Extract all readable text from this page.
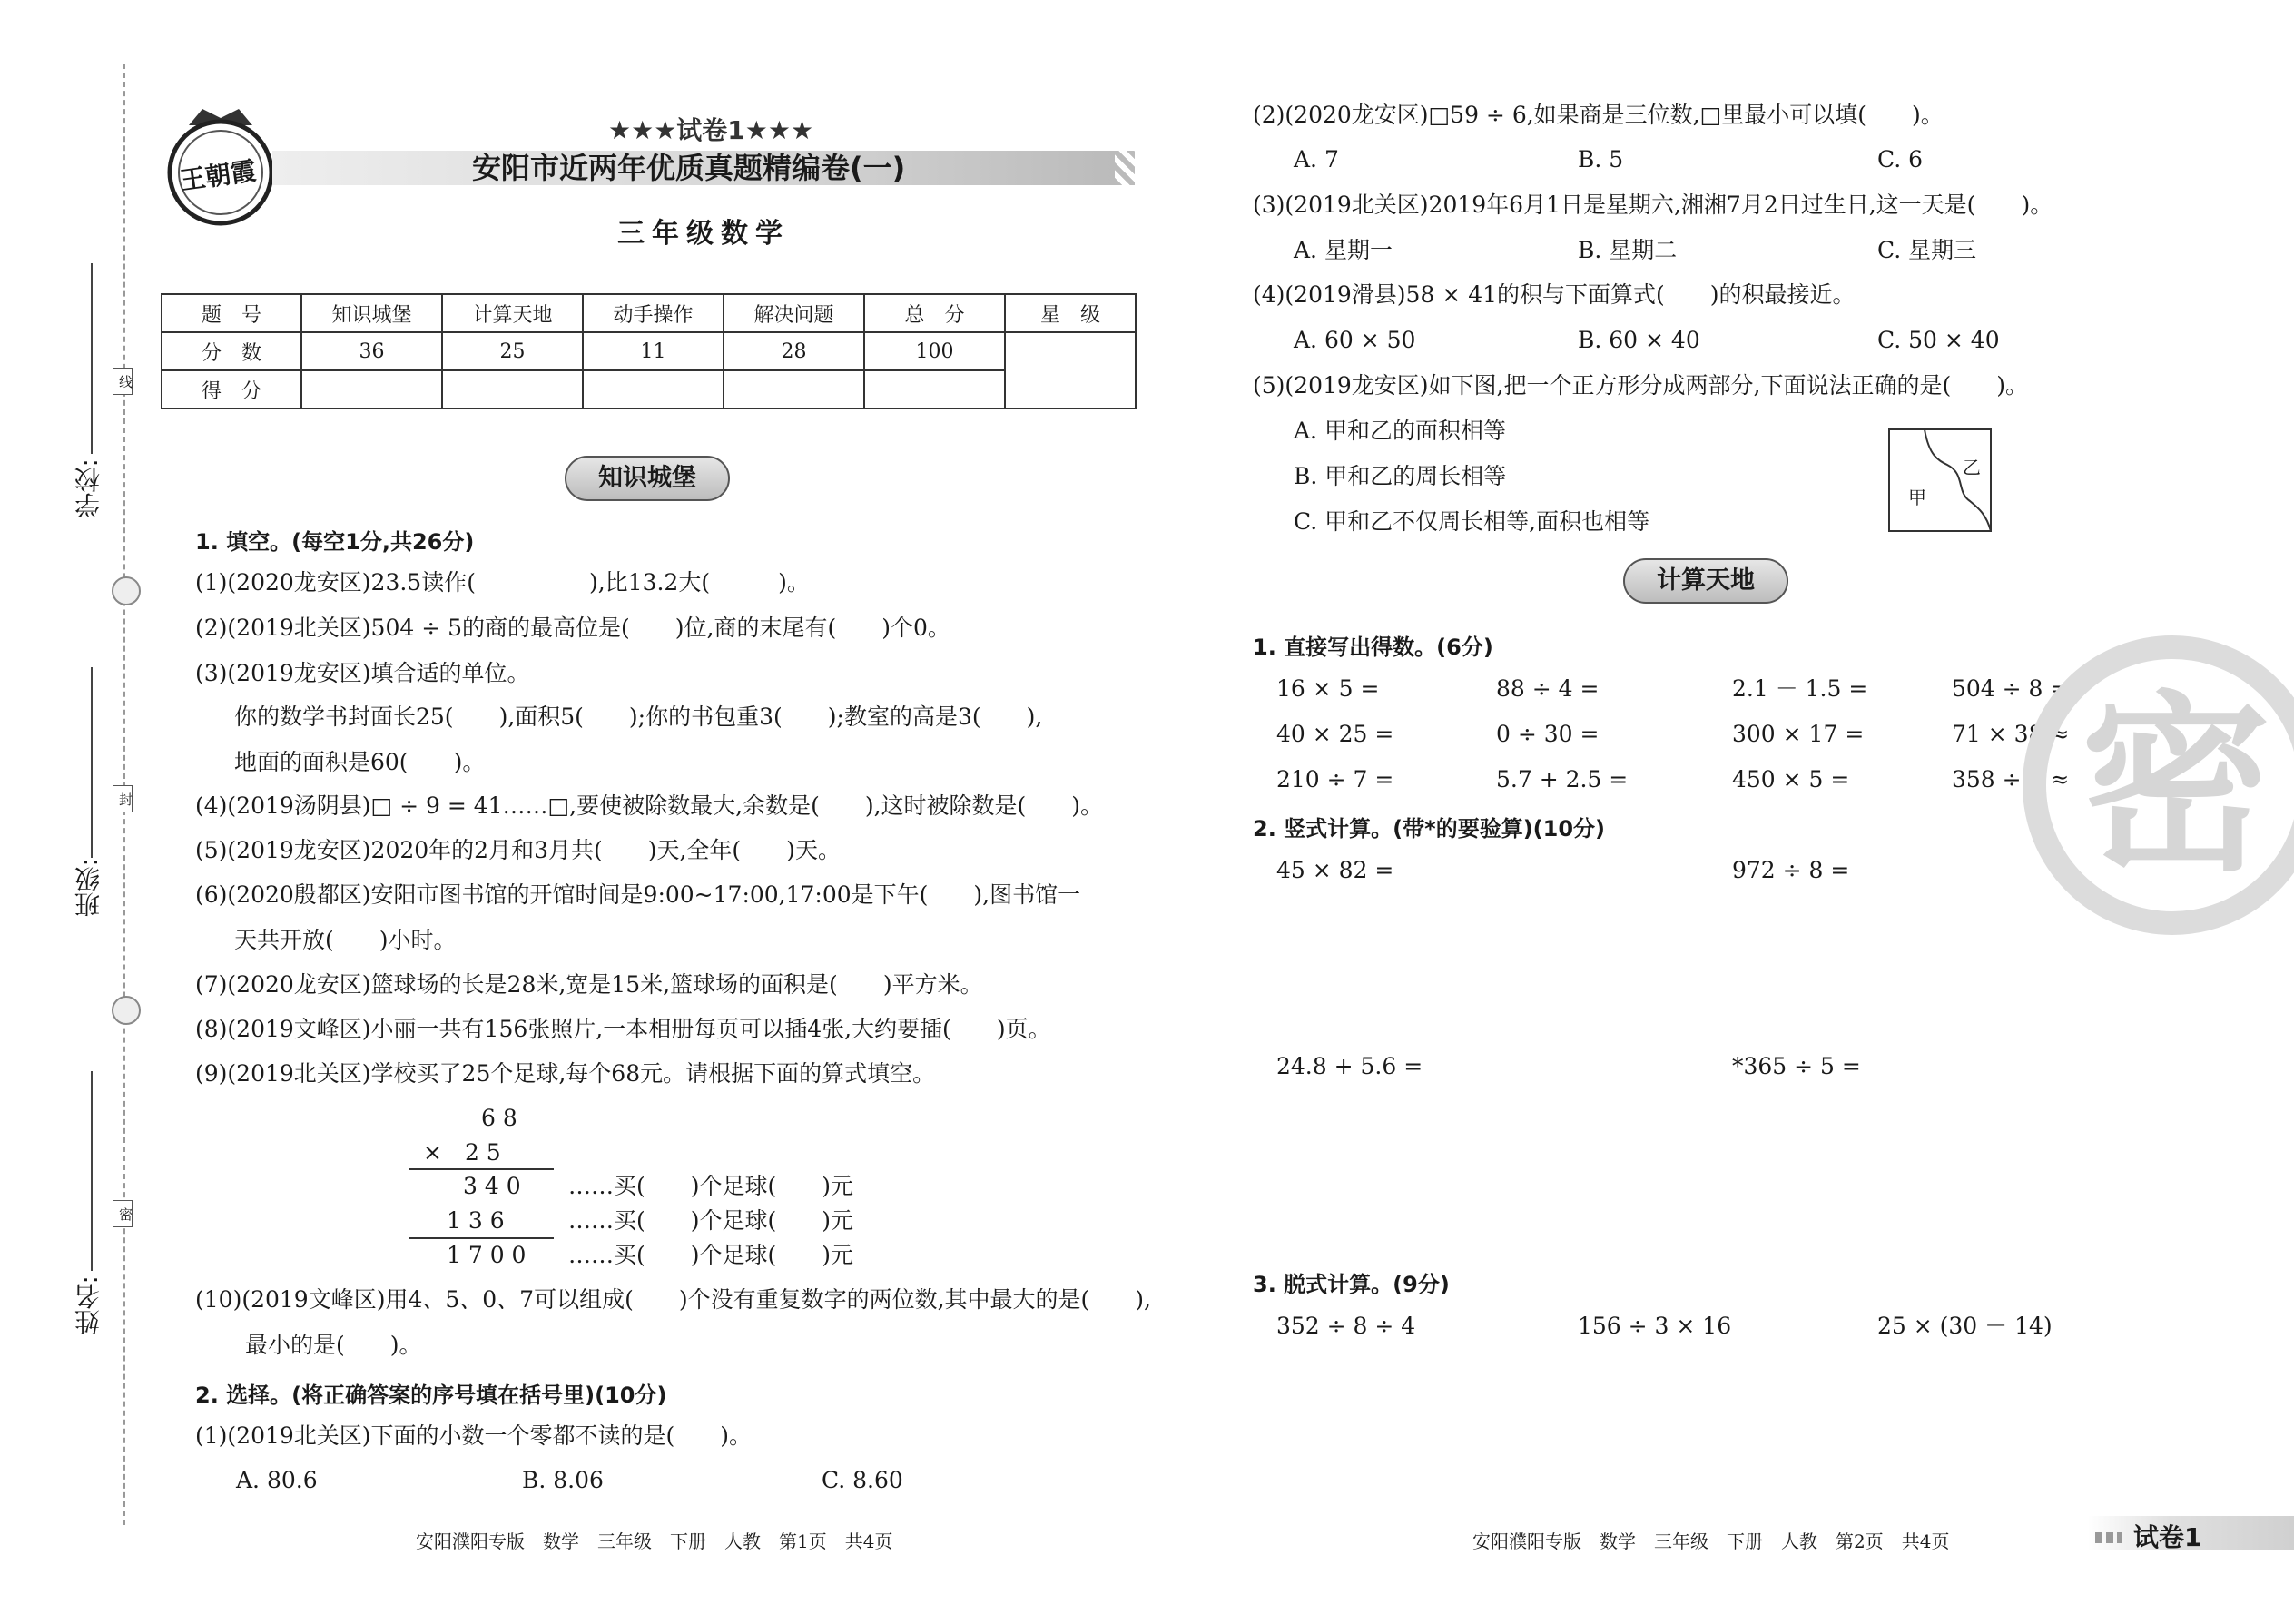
学校:
班级:
姓名:
线
封
密
王朝霞
★★★试卷1★★★
安阳市近两年优质真题精编卷(一)
三年级数学
题　号	知识城堡	计算天地	动手操作	解决问题	总　分	星　级
分　数	36	25	11	28	100	
得　分						
知识城堡
1. 填空。(每空1分,共26分)
(1)(2020龙安区)23.5读作(　　　　　),比13.2大(　　　)。
(2)(2019北关区)504 ÷ 5的商的最高位是(　　)位,商的末尾有(　　)个0。
(3)(2019龙安区)填合适的单位。
你的数学书封面长25(　　),面积5(　　);你的书包重3(　　);教室的高是3(　　),
地面的面积是60(　　)。
(4)(2019汤阴县)□ ÷ 9 = 41……□,要使被除数最大,余数是(　　),这时被除数是(　　)。
(5)(2019龙安区)2020年的2月和3月共(　　)天,全年(　　)天。
(6)(2020殷都区)安阳市图书馆的开馆时间是9:00~17:00,17:00是下午(　　),图书馆一
天共开放(　　)小时。
(7)(2020龙安区)篮球场的长是28米,宽是15米,篮球场的面积是(　　)平方米。
(8)(2019文峰区)小丽一共有156张照片,一本相册每页可以插4张,大约要插(　　)页。
(9)(2019北关区)学校买了25个足球,每个68元。请根据下面的算式填空。
6 8
×　2 5
3 4 0 ……买(　　)个足球(　　)元
1 3 6	……买(　　)个足球(　　)元
1 7 0 0 ……买(　　)个足球(　　)元
(10)(2019文峰区)用4、5、0、7可以组成(　　)个没有重复数字的两位数,其中最大的是(　　),
最小的是(　　)。
2. 选择。(将正确答案的序号填在括号里)(10分)
(1)(2019北关区)下面的小数一个零都不读的是(　　)。
A. 80.6	B. 8.06	C. 8.60
安阳濮阳专版　数学　三年级　下册　人教　第1页　共4页
(2)(2020龙安区)□59 ÷ 6,如果商是三位数,□里最小可以填(　　)。
A. 7	B. 5	C. 6
(3)(2019北关区)2019年6月1日是星期六,湘湘7月2日过生日,这一天是(　　)。
A. 星期一	B. 星期二	C. 星期三
(4)(2019滑县)58 × 41的积与下面算式(　　)的积最接近。
A. 60 × 50	B. 60 × 40	C. 50 × 40
(5)(2019龙安区)如下图,把一个正方形分成两部分,下面说法正确的是(　　)。
A. 甲和乙的面积相等
B. 甲和乙的周长相等
C. 甲和乙不仅周长相等,面积也相等
甲
乙
计算天地
1. 直接写出得数。(6分)
16 × 5 =	88 ÷ 4 =	2.1 － 1.5 =	504 ÷ 8 =
40 × 25 =	0 ÷ 30 =	300 × 17 =	71 × 38 ≈
210 ÷ 7 =	5.7 + 2.5 =	450 × 5 =	358 ÷ 9 ≈
2. 竖式计算。(带*的要验算)(10分)
45 × 82 =	972 ÷ 8 =
24.8 + 5.6 =	*365 ÷ 5 =
3. 脱式计算。(9分)
352 ÷ 8 ÷ 4	156 ÷ 3 × 16	25 × (30 － 14)
密
安阳濮阳专版　数学　三年级　下册　人教　第2页　共4页	试卷1
